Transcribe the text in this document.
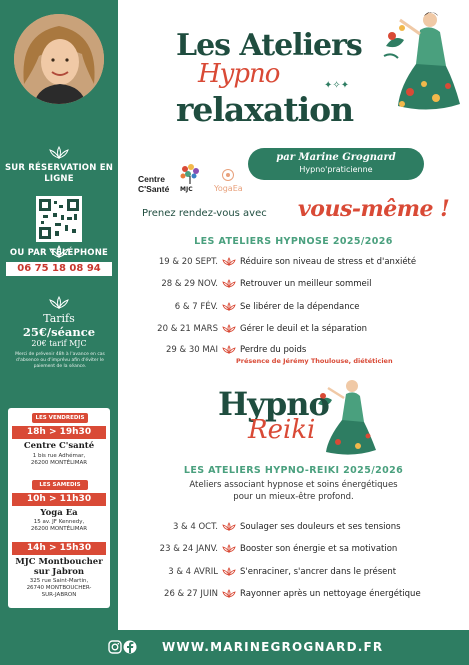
SUR RÉSERVATION EN LIGNE
OU PAR TÉLÉPHONE
06 75 18 08 94
Tarifs
25€/séance
20€ tarif MJC
Merci de prévenir 48h à l'avance en cas d'absence ou d'imprévu afin d'éviter le paiement de la séance.
LES VENDREDIS
18h > 19h30
Centre C'santé
1 bis rue Adhémar,
26200 MONTÉLIMAR
LES SAMEDIS
10h > 11h30
Yoga Ea
15 av. JF Kennedy,
26200 MONTÉLIMAR
14h > 15h30
MJC Montboucher
sur Jabron
325 rue Saint-Martin,
26740 MONTBOUCHER-
SUR-JABRON
Les Ateliers
Hypno	✦✧✦
relaxation
par Marine Grognard
Hypno'praticienne
Centre C'Santé	MJC	YogaEa
Prenez rendez-vous avec vous-même !
LES ATELIERS HYPNOSE 2025/2026
19 & 20 SEPT.	Réduire son niveau de stress et d'anxiété
28 & 29 NOV.	Retrouver un meilleur sommeil
6 & 7 FÉV.	Se libérer de la dépendance
20 & 21 MARS	Gérer le deuil et la séparation
29 & 30 MAI	Perdre du poids
Présence de Jérémy Thoulouse, diététicien
Hypno
Reiki
LES ATELIERS HYPNO-REIKI 2025/2026
Ateliers associant hypnose et soins énergétiques
pour un mieux-être profond.
3 & 4 OCT.	Soulager ses douleurs et ses tensions
23 & 24 JANV.	Booster son énergie et sa motivation
3 & 4 AVRIL	S'enraciner, s'ancrer dans le présent
26 & 27 JUIN	Rayonner après un nettoyage énergétique
WWW.MARINEGROGNARD.FR
